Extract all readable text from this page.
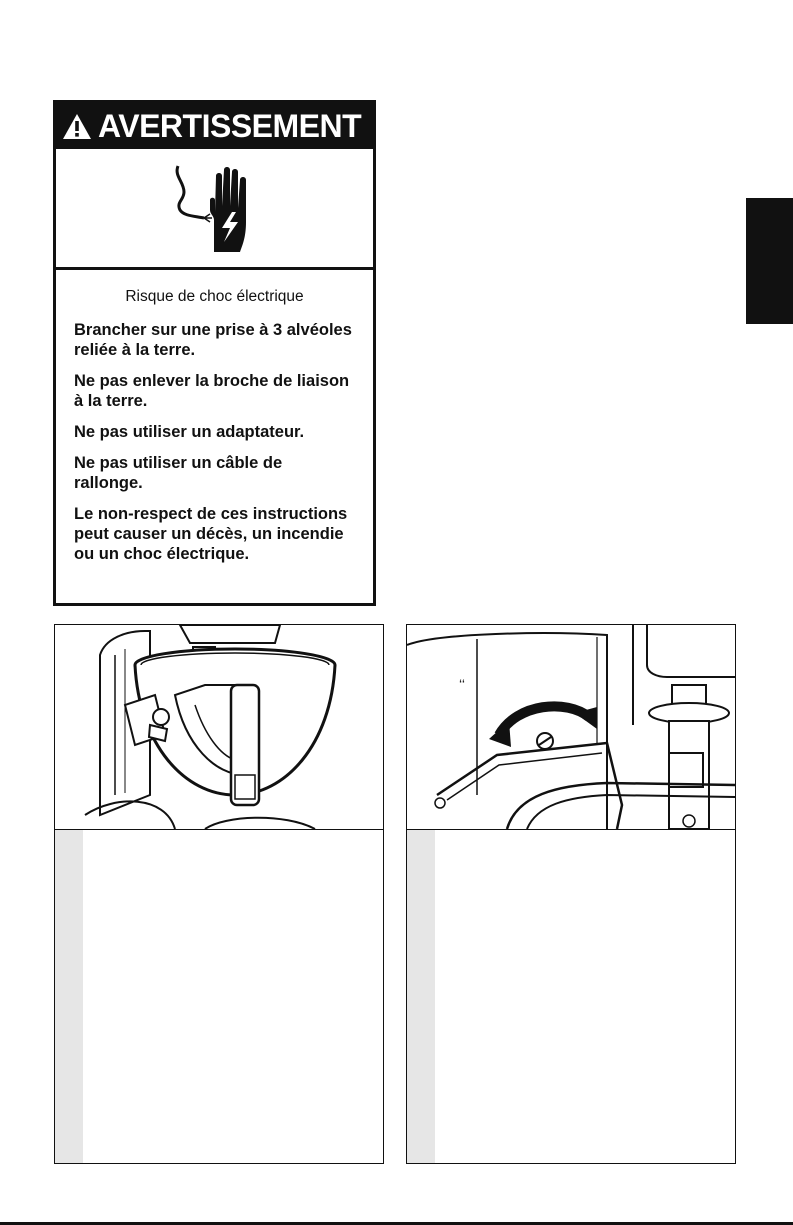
AVERTISSEMENT
Risque de choc électrique

Brancher sur une prise à 3 alvéoles reliée à la terre.

Ne pas enlever la broche de liaison à la terre.

Ne pas utiliser un adaptateur.

Ne pas utiliser un câble de rallonge.

Le non-respect de ces instructions peut causer un décès, un incendie ou un choc électrique.

‘‘
